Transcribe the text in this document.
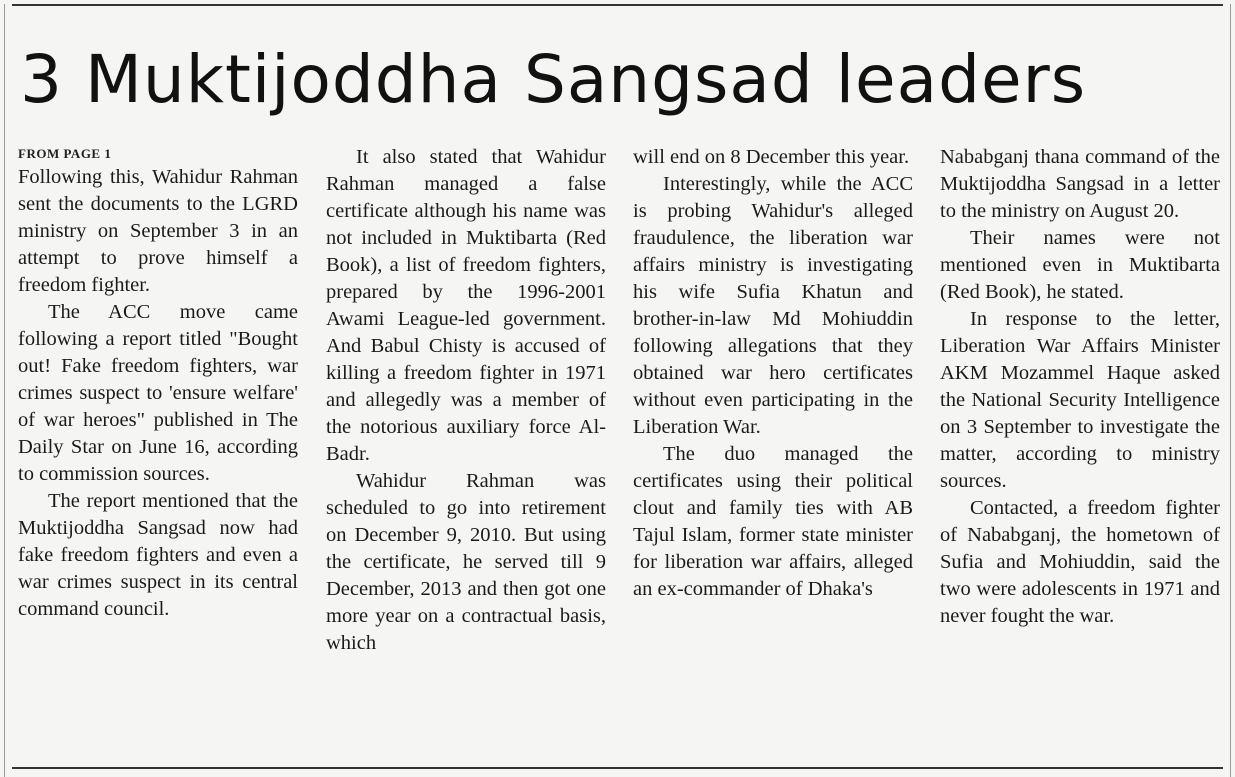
3 Muktijoddha Sangsad leaders
FROM PAGE 1

Following this, Wahidur Rahman sent the documents to the LGRD ministry on September 3 in an attempt to prove himself a freedom fighter.

The ACC move came following a report titled "Bought out! Fake freedom fighters, war crimes suspect to 'ensure welfare' of war heroes" published in The Daily Star on June 16, according to commission sources.

The report mentioned that the Muktijoddha Sangsad now had fake freedom fighters and even a war crimes suspect in its central command council.

It also stated that Wahidur Rahman managed a false certificate although his name was not included in Muktibarta (Red Book), a list of freedom fighters, prepared by the 1996-2001 Awami League-led government. And Babul Chisty is accused of killing a freedom fighter in 1971 and allegedly was a member of the notorious auxiliary force Al-Badr.

Wahidur Rahman was scheduled to go into retirement on December 9, 2010. But using the certificate, he served till 9 December, 2013 and then got one more year on a contractual basis, which

will end on 8 December this year.

Interestingly, while the ACC is probing Wahidur's alleged fraudulence, the liberation war affairs ministry is investigating his wife Sufia Khatun and brother-in-law Md Mohiuddin following allegations that they obtained war hero certificates without even participating in the Liberation War.

The duo managed the certificates using their political clout and family ties with AB Tajul Islam, former state minister for liberation war affairs, alleged an ex-commander of Dhaka's

Nababganj thana command of the Muktijoddha Sangsad in a letter to the ministry on August 20.

Their names were not mentioned even in Muktibarta (Red Book), he stated.

In response to the letter, Liberation War Affairs Minister AKM Mozammel Haque asked the National Security Intelligence on 3 September to investigate the matter, according to ministry sources.

Contacted, a freedom fighter of Nababganj, the hometown of Sufia and Mohiuddin, said the two were adolescents in 1971 and never fought the war.
